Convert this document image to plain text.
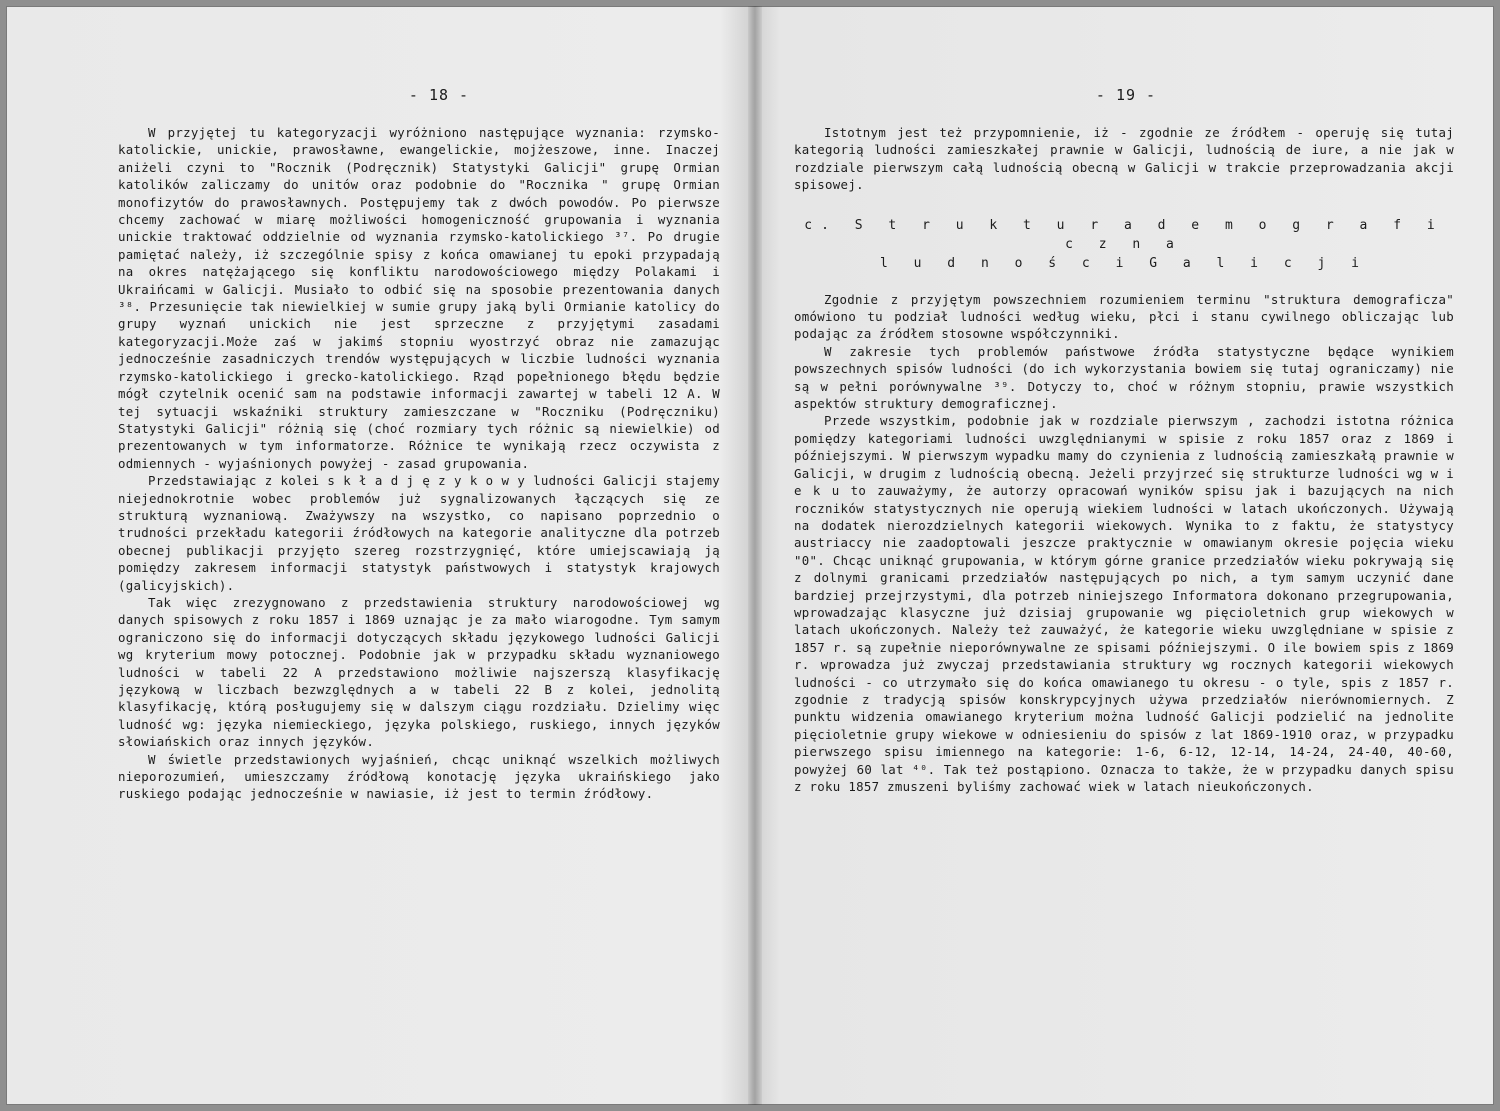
- 18 -

W przyjętej tu kategoryzacji wyróżniono następujące wyznania: rzymsko-katolickie, unickie, prawosławne, ewangelickie, mojżeszowe, inne. Inaczej aniżeli czyni to "Rocznik (Podręcznik) Statystyki Galicji" grupę Ormian katolików zaliczamy do unitów oraz podobnie do "Rocznika " grupę Ormian monofizytów do prawosławnych. Postępujemy tak z dwóch powodów. Po pierwsze chcemy zachować w miarę możliwości homogeniczność grupowania i wyznania unickie traktować oddzielnie od wyznania rzymsko-katolickiego ³⁷. Po drugie pamiętać należy, iż szczególnie spisy z końca omawianej tu epoki przypadają na okres natężającego się konfliktu narodowościowego między Polakami i Ukraińcami w Galicji. Musiało to odbić się na sposobie prezentowania danych ³⁸. Przesunięcie tak niewielkiej w sumie grupy jaką byli Ormianie katolicy do grupy wyznań unickich nie jest sprzeczne z przyjętymi zasadami kategoryzacji.Może zaś w jakimś stopniu wyostrzyć obraz nie zamazując jednocześnie zasadniczych trendów występujących w liczbie ludności wyznania rzymsko-katolickiego i grecko-katolickiego. Rząd popełnionego błędu będzie mógł czytelnik ocenić sam na podstawie informacji zawartej w tabeli 12 A. W tej sytuacji wskaźniki struktury zamieszczane w "Roczniku (Podręczniku) Statystyki Galicji" różnią się (choć rozmiary tych różnic są niewielkie) od prezentowanych w tym informatorze. Różnice te wynikają rzecz oczywista z odmiennych - wyjaśnionych powyżej - zasad grupowania.

Przedstawiając z kolei s k ł a d j ę z y k o w y ludności Galicji stajemy niejednokrotnie wobec problemów już sygnalizowanych łączących się ze strukturą wyznaniową. Zważywszy na wszystko, co napisano poprzednio o trudności przekładu kategorii źródłowych na kategorie analityczne dla potrzeb obecnej publikacji przyjęto szereg rozstrzygnięć, które umiejscawiają ją pomiędzy zakresem informacji statystyk państwowych i statystyk krajowych (galicyjskich).

Tak więc zrezygnowano z przedstawienia struktury narodowościowej wg danych spisowych z roku 1857 i 1869 uznając je za mało wiarogodne. Tym samym ograniczono się do informacji dotyczących składu językowego ludności Galicji wg kryterium mowy potocznej. Podobnie jak w przypadku składu wyznaniowego ludności w tabeli 22 A przedstawiono możliwie najszerszą klasyfikację językową w liczbach bezwzględnych a w tabeli 22 B z kolei, jednolitą klasyfikację, którą posługujemy się w dalszym ciągu rozdziału. Dzielimy więc ludność wg: języka niemieckiego, języka polskiego, ruskiego, innych języków słowiańskich oraz innych języków.

W świetle przedstawionych wyjaśnień, chcąc uniknąć wszelkich możliwych nieporozumień, umieszczamy źródłową konotację języka ukraińskiego jako ruskiego podając jednocześnie w nawiasie, iż jest to termin źródłowy.

- 19 -

Istotnym jest też przypomnienie, iż - zgodnie ze źródłem - operuję się tutaj kategorią ludności zamieszkałej prawnie w Galicji, ludnością de iure, a nie jak w rozdziale pierwszym całą ludnością obecną w Galicji w trakcie przeprowadzania akcji spisowej.

c. S t r u k t u r a d e m o g r a f i c z n a
l u d n o ś c i G a l i c j i

Zgodnie z przyjętym powszechniem rozumieniem terminu "struktura demograficza" omówiono tu podział ludności według wieku, płci i stanu cywilnego obliczając lub podając za źródłem stosowne współczynniki.

W zakresie tych problemów państwowe źródła statystyczne będące wynikiem powszechnych spisów ludności (do ich wykorzystania bowiem się tutaj ograniczamy) nie są w pełni porównywalne ³⁹. Dotyczy to, choć w różnym stopniu, prawie wszystkich aspektów struktury demograficznej.

Przede wszystkim, podobnie jak w rozdziale pierwszym , zachodzi istotna różnica pomiędzy kategoriami ludności uwzględnianymi w spisie z roku 1857 oraz z 1869 i późniejszymi. W pierwszym wypadku mamy do czynienia z ludnością zamieszkałą prawnie w Galicji, w drugim z ludnością obecną. Jeżeli przyjrzeć się strukturze ludności wg w i e k u to zauważymy, że autorzy opracowań wyników spisu jak i bazujących na nich roczników statystycznych nie operują wiekiem ludności w latach ukończonych. Używają na dodatek nierozdzielnych kategorii wiekowych. Wynika to z faktu, że statystycy austriaccy nie zaadoptowali jeszcze praktycznie w omawianym okresie pojęcia wieku "0". Chcąc uniknąć grupowania, w którym górne granice przedziałów wieku pokrywają się z dolnymi granicami przedziałów następujących po nich, a tym samym uczynić dane bardziej przejrzystymi, dla potrzeb niniejszego Informatora dokonano przegrupowania, wprowadzając klasyczne już dzisiaj grupowanie wg pięcioletnich grup wiekowych w latach ukończonych. Należy też zauważyć, że kategorie wieku uwzględniane w spisie z 1857 r. są zupełnie nieporównywalne ze spisami późniejszymi. O ile bowiem spis z 1869 r. wprowadza już zwyczaj przedstawiania struktury wg rocznych kategorii wiekowych ludności - co utrzymało się do końca omawianego tu okresu - o tyle, spis z 1857 r. zgodnie z tradycją spisów konskrypcyjnych używa przedziałów nierównomiernych. Z punktu widzenia omawianego kryterium można ludność Galicji podzielić na jednolite pięcioletnie grupy wiekowe w odniesieniu do spisów z lat 1869-1910 oraz, w przypadku pierwszego spisu imiennego na kategorie: 1-6, 6-12, 12-14, 14-24, 24-40, 40-60, powyżej 60 lat ⁴⁰. Tak też postąpiono. Oznacza to także, że w przypadku danych spisu z roku 1857 zmuszeni byliśmy zachować wiek w latach nieukończonych.
